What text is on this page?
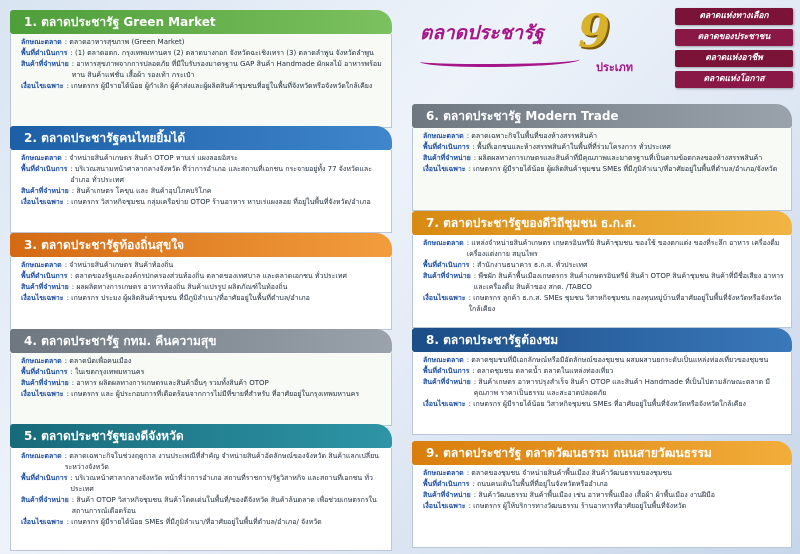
ตลาดประชารัฐ 9
ประเภท
ตลาดแห่งทางเลือก
ตลาดของประชาชน
ตลาดแห่งอาชีพ
ตลาดแห่งโอกาส
1. ตลาดประชารัฐ Green Market
ลักษณะตลาด : ตลาดอาหารสุขภาพ (Green Market)
พื้นที่ดำเนินการ : (1) ตลาดอตก. กรุงเทพมหานคร (2) ตลาดบางกอก จังหวัดฉะเชิงเทรา (3) ตลาดลำพูน จังหวัดลำพูน
สินค้าที่จำหน่าย : อาหารสุขภาพจากการปลอดภัย ที่มีใบรับรองมาตรฐาน GAP สินค้า Handmade ผักผลไม้ อาหารพร้อมทาน สินค้าแฟชั่น เสื้อผ้า รองเท้า กระเป๋า
เงื่อนไขเฉพาะ : เกษตรกร ผู้มีรายได้น้อย ผู้กำเลิก ผู้ค้าส่งและผู้ผลิตสินค้าชุมชนที่อยู่ในพื้นที่จังหวัดหรือจังหวัดใกล้เคียง
2. ตลาดประชารัฐคนไทยยิ้มได้
ลักษณะตลาด : จำหน่ายสินค้าเกษตร สินค้า OTOP หาบเร่ แผงลอยอิสระ
พื้นที่ดำเนินการ : บริเวณสนามหน้าศาลากลางจังหวัด ที่ว่าการอำเภอ และสถานที่เอกชน กระจายอยู่ทั้ง 77 จังหวัดและอำเภอ ทั่วประเทศ
สินค้าที่จำหน่าย : สินค้าเกษตร โคขุน และ สินค้าอุปโภคบริโภค
เงื่อนไขเฉพาะ : เกษตรกร วิสาหกิจชุมชน กลุ่มเครือข่าย OTOP ร้านอาหาร หาบเร่แผงลอย ที่อยู่ในพื้นที่จังหวัด/อำเภอ
3. ตลาดประชารัฐท้องถิ่นสุขใจ
ลักษณะตลาด : จำหน่ายสินค้าเกษตร สินค้าท้องถิ่น
พื้นที่ดำเนินการ : ตลาดของรัฐและองค์กรปกครองส่วนท้องถิ่น ตลาดของเทศบาล และตลาดเอกชน ทั่วประเทศ
สินค้าที่จำหน่าย : ผลผลิตทางการเกษตร อาหารท้องถิ่น สินค้าแปรรูป ผลิตภัณฑ์ในท้องถิ่น
เงื่อนไขเฉพาะ : เกษตรกร ประมง ผู้ผลิตสินค้าชุมชน ที่มีภูมิลำเนา/ที่อาศัยอยู่ในพื้นที่ตำบล/อำเภอ
4. ตลาดประชารัฐ กทม. คืนความสุข
ลักษณะตลาด : ตลาดนัดเพื่อคนเมือง
พื้นที่ดำเนินการ : ในเขตกรุงเทพมหานคร
สินค้าที่จำหน่าย : อาหาร ผลิตผลทางการเกษตรและสินค้าอื่นๆ รวมทั้งสินค้า OTOP
เงื่อนไขเฉพาะ : เกษตรกร และ ผู้ประกอบการที่เดือดร้อนจากการไม่มีที่ขายที่สำหรับ ที่อาศัยอยู่ในกรุงเทพมหานคร
5. ตลาดประชารัฐของดีจังหวัด
ลักษณะตลาด : ตลาดเฉพาะกิจในช่วงฤดูกาล งานประเพณีที่สำคัญ จำหน่ายสินค้าอัตลักษณ์ของจังหวัด สินค้าแลกเปลี่ยนระหว่างจังหวัด
พื้นที่ดำเนินการ : บริเวณหน้าศาลากลางจังหวัด หน้าที่ว่าการอำเภอ สถานที่ราชการ/รัฐวิสาหกิจ และสถานที่เอกชน ทั่วประเทศ
สินค้าที่จำหน่าย : สินค้า OTOP วิสาหกิจชุมชน สินค้าโดดเด่นในพื้นที่/ของดีจังหวัด สินค้าล้นตลาด เพื่อช่วยเกษตรกรในสถานการณ์เดือดร้อน
เงื่อนไขเฉพาะ : เกษตรกร ผู้มีรายได้น้อย SMEs ที่มีภูมิลำเนา/ที่อาศัยอยู่ในพื้นที่ตำบล/อำเภอ/ จังหวัด
6. ตลาดประชารัฐ Modern Trade
ลักษณะตลาด : ตลาดเฉพาะกิจในพื้นที่ของห้างสรรพสินค้า
พื้นที่ดำเนินการ : พื้นที่เอกชนและห้างสรรพสินค้าในพื้นที่ที่ร่วมโครงการ ทั่วประเทศ
สินค้าที่จำหน่าย : ผลิตผลทางการเกษตรและสินค้าที่มีคุณภาพและมาตรฐานที่เป็นตามข้อตกลงของห้างสรรพสินค้า
เงื่อนไขเฉพาะ : เกษตรกร ผู้มีรายได้น้อย ผู้ผลิตสินค้าชุมชน SMEs ที่มีภูมิลำเนา/ที่อาศัยอยู่ในพื้นที่ตำบล/อำเภอ/จังหวัด
7. ตลาดประชารัฐของดีวิถีชุมชน ธ.ก.ส.
ลักษณะตลาด : แหล่งจำหน่ายสินค้าเกษตร เกษตรอินทรีย์ สินค้าชุมชน ของใช้ ของตกแต่ง ของที่ระลึก อาหาร เครื่องดื่ม เครื่องแต่งกาย สมุนไพร
พื้นที่ดำเนินการ : สำนักงานธนาคาร ธ.ก.ส. ทั่วประเทศ
สินค้าที่จำหน่าย : พืชผัก สินค้าพื้นเมืองเกษตรกร สินค้าเกษตรอินทรีย์ สินค้า OTOP สินค้าชุมชน สินค้าที่มีชื่อเสียง อาหารและเครื่องดื่ม สินค้าของ สกต. /TABCO
เงื่อนไขเฉพาะ : เกษตรกร ลูกค้า ธ.ก.ส. SMEs ชุมชน วิสาหกิจชุมชน กองทุนหมู่บ้านที่อาศัยอยู่ในพื้นที่จังหวัดหรือจังหวัดใกล้เคียง
8. ตลาดประชารัฐต้องชม
ลักษณะตลาด : ตลาดชุมชนที่มีเอกลักษณ์หรือมีอัตลักษณ์ของชุมชน ผสมผสานยกระดับเป็นแหล่งท่องเที่ยวของชุมชน
พื้นที่ดำเนินการ : ตลาดชุมชน ตลาดน้ำ ตลาดในแหล่งท่องเที่ยว
สินค้าที่จำหน่าย : สินค้าเกษตร อาหารปรุงสำเร็จ สินค้า OTOP และสินค้า Handmade ที่เป็นไปตามลักษณะตลาด มีคุณภาพ ราคาเป็นธรรม และสะอาดปลอดภัย
เงื่อนไขเฉพาะ : เกษตรกร ผู้มีรายได้น้อย วิสาหกิจชุมชน SMEs ที่อาศัยอยู่ในพื้นที่จังหวัดหรือจังหวัดใกล้เคียง
9. ตลาดประชารัฐ ตลาดวัฒนธรรม ถนนสายวัฒนธรรม
ลักษณะตลาด : ตลาดของชุมชน จำหน่ายสินค้าพื้นเมือง สินค้าวัฒนธรรมของชุมชน
พื้นที่ดำเนินการ : ถนนคนเดินในพื้นที่ที่อยู่ในจังหวัดหรืออำเภอ
สินค้าที่จำหน่าย : สินค้าวัฒนธรรม สินค้าพื้นเมือง เช่น อาหารพื้นเมือง เสื้อผ้า ผ้าพื้นเมือง งานฝีมือ
เงื่อนไขเฉพาะ : เกษตรกร ผู้ให้บริการทางวัฒนธรรม ร้านอาหารที่อาศัยอยู่ในพื้นที่จังหวัด
